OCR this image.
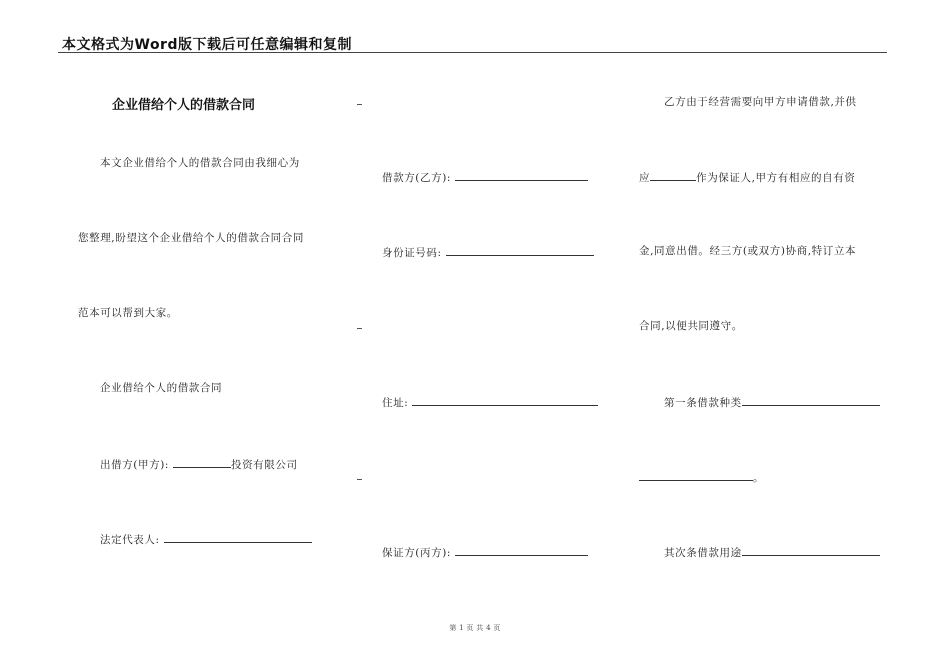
本文格式为Word版下载后可任意编辑和复制
企业借给个人的借款合同
本文企业借给个人的借款合同由我细心为
您整理,盼望这个企业借给个人的借款合同合同
范本可以帮到大家。
企业借给个人的借款合同
出借方(甲方):	投资有限公司
法定代表人:
借款方(乙方):
身份证号码:
住址:
保证方(丙方):
乙方由于经营需要向甲方申请借款,并供
应	作为保证人,甲方有相应的自有资
金,同意出借。经三方(或双方)协商,特订立本
合同,以便共同遵守。
第一条借款种类
。
其次条借款用途
第 1 页 共 4 页
